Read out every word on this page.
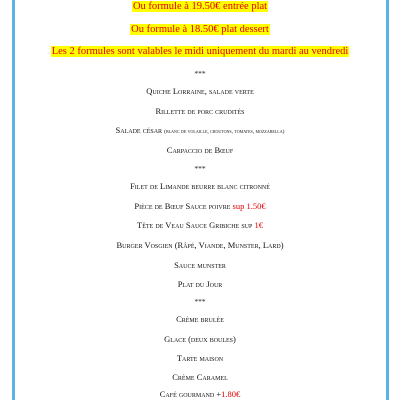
Ou formule à 19.50€ entrée plat
Ou formule à 18.50€ plat dessert
Les 2 formules sont valables le midi uniquement du mardi au vendredi
***
Quiche Lorraine, salade verte
Rillette de porc crudités
Salade césar (blanc de volaille, croutons, tomates, mozzabella)
Carpaccio de Bœuf
***
Filet de Limande beurre blanc citronné
Pièce de Bœuf Sauce poivre sup 1.50€
Tête de Veau Sauce Gribiche sup 1€
Burger Vosgien (Râpé, Viande, Munster, Lard)
Sauce munster
Plat du Jour
***
Crème brulée
Glace (deux boules)
Tarte maison
Crème Caramel
Café gourmand +1.80€
